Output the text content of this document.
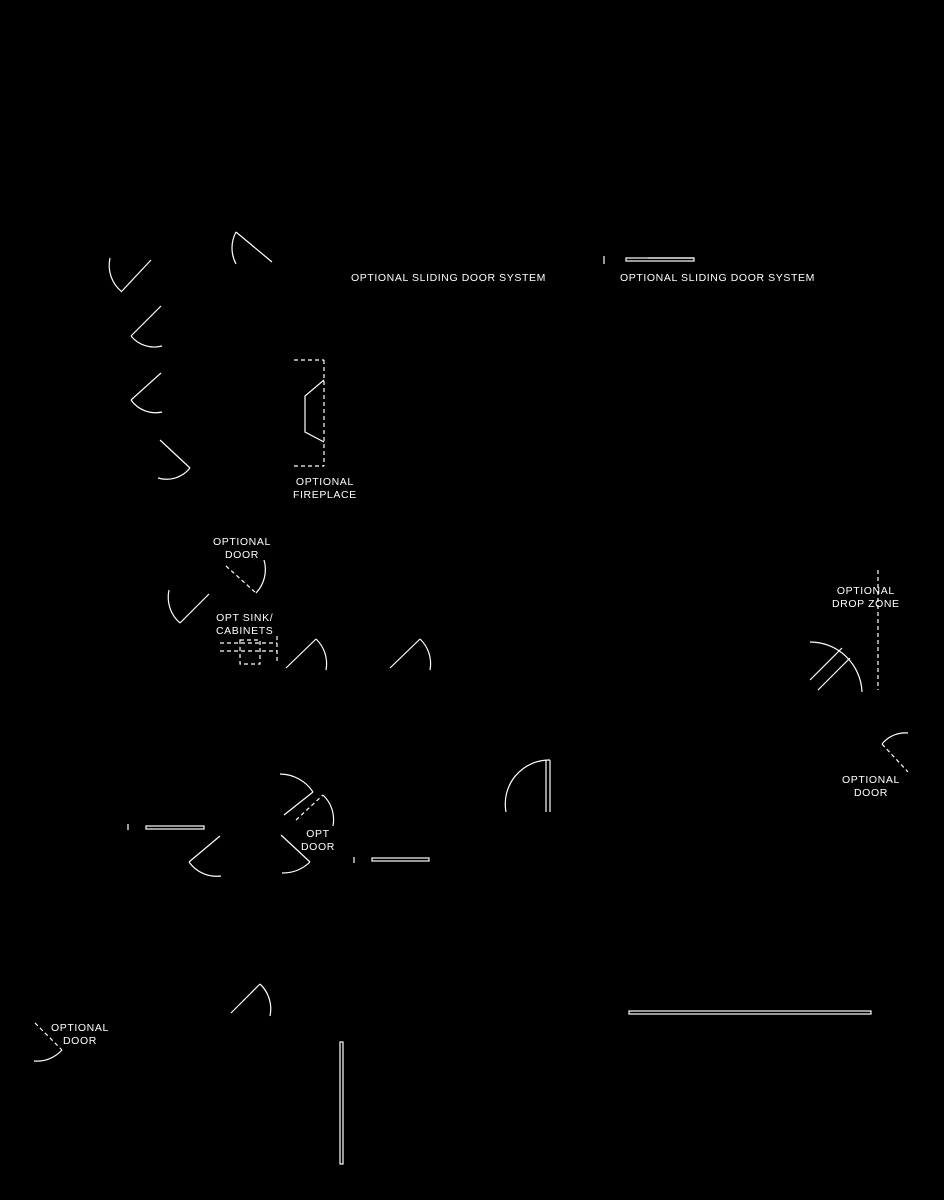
OPTIONAL SLIDING DOOR SYSTEM	OPTIONAL SLIDING DOOR SYSTEM
OPTIONAL
FIREPLACE
OPTIONAL
DOOR
OPT SINK/
CABINETS
OPTIONAL
DROP ZONE
OPTIONAL
DOOR
OPT
DOOR
OPTIONAL
DOOR
